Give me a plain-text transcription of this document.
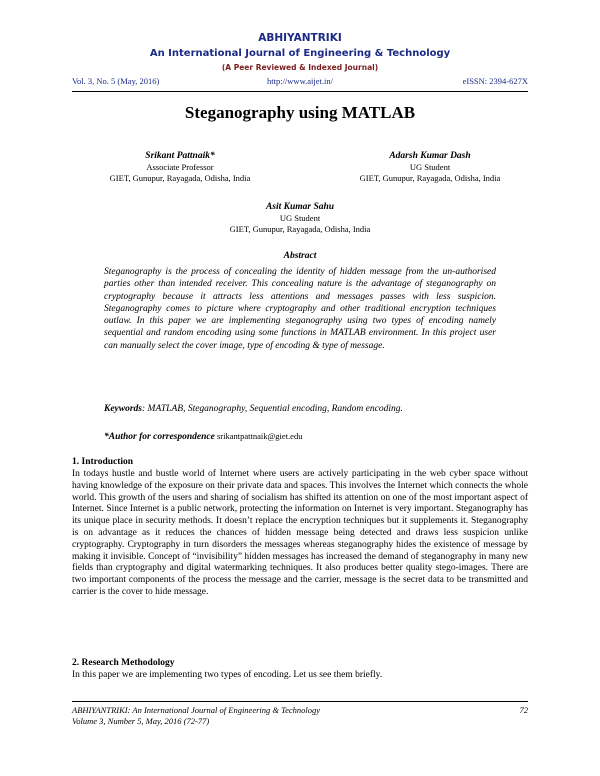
ABHIYANTRIKI
An International Journal of Engineering & Technology
(A Peer Reviewed & Indexed Journal)
Vol. 3, No. 5 (May, 2016)	http://www.aijet.in/	eISSN: 2394-627X
Steganography using MATLAB
Srikant Pattnaik*
Associate Professor
GIET, Gunupur, Rayagada, Odisha, India
Adarsh Kumar Dash
UG Student
GIET, Gunupur, Rayagada, Odisha, India
Asit Kumar Sahu
UG Student
GIET, Gunupur, Rayagada, Odisha, India
Abstract
Steganography is the process of concealing the identity of hidden message from the un-authorised parties other than intended receiver. This concealing nature is the advantage of steganography on cryptography because it attracts less attentions and messages passes with less suspicion. Steganography comes to picture where cryptography and other traditional encryption techniques outlaw. In this paper we are implementing steganography using two types of encoding namely sequential and random encoding using some functions in MATLAB environment. In this project user can manually select the cover image, type of encoding & type of message.
Keywords: MATLAB, Steganography, Sequential encoding, Random encoding.
*Author for correspondence srikantpattnaik@giet.edu
1. Introduction
In todays hustle and bustle world of Internet where users are actively participating in the web cyber space without having knowledge of the exposure on their private data and spaces. This involves the Internet which connects the whole world. This growth of the users and sharing of socialism has shifted its attention on one of the most important aspect of Internet. Since Internet is a public network, protecting the information on Internet is very important. Steganography has its unique place in security methods. It doesn’t replace the encryption techniques but it supplements it. Steganography is on advantage as it reduces the chances of hidden message being detected and draws less suspicion unlike cryptography. Cryptography in turn disorders the messages whereas steganography hides the existence of message by making it invisible. Concept of “invisibility” hidden messages has increased the demand of steganography in many new fields than cryptography and digital watermarking techniques. It also produces better quality stego-images. There are two important components of the process the message and the carrier, message is the secret data to be transmitted and carrier is the cover to hide message.
2. Research Methodology
In this paper we are implementing two types of encoding. Let us see them briefly.
ABHIYANTRIKI: An International Journal of Engineering & Technology
Volume 3, Number 5, May, 2016 (72-77)
72
